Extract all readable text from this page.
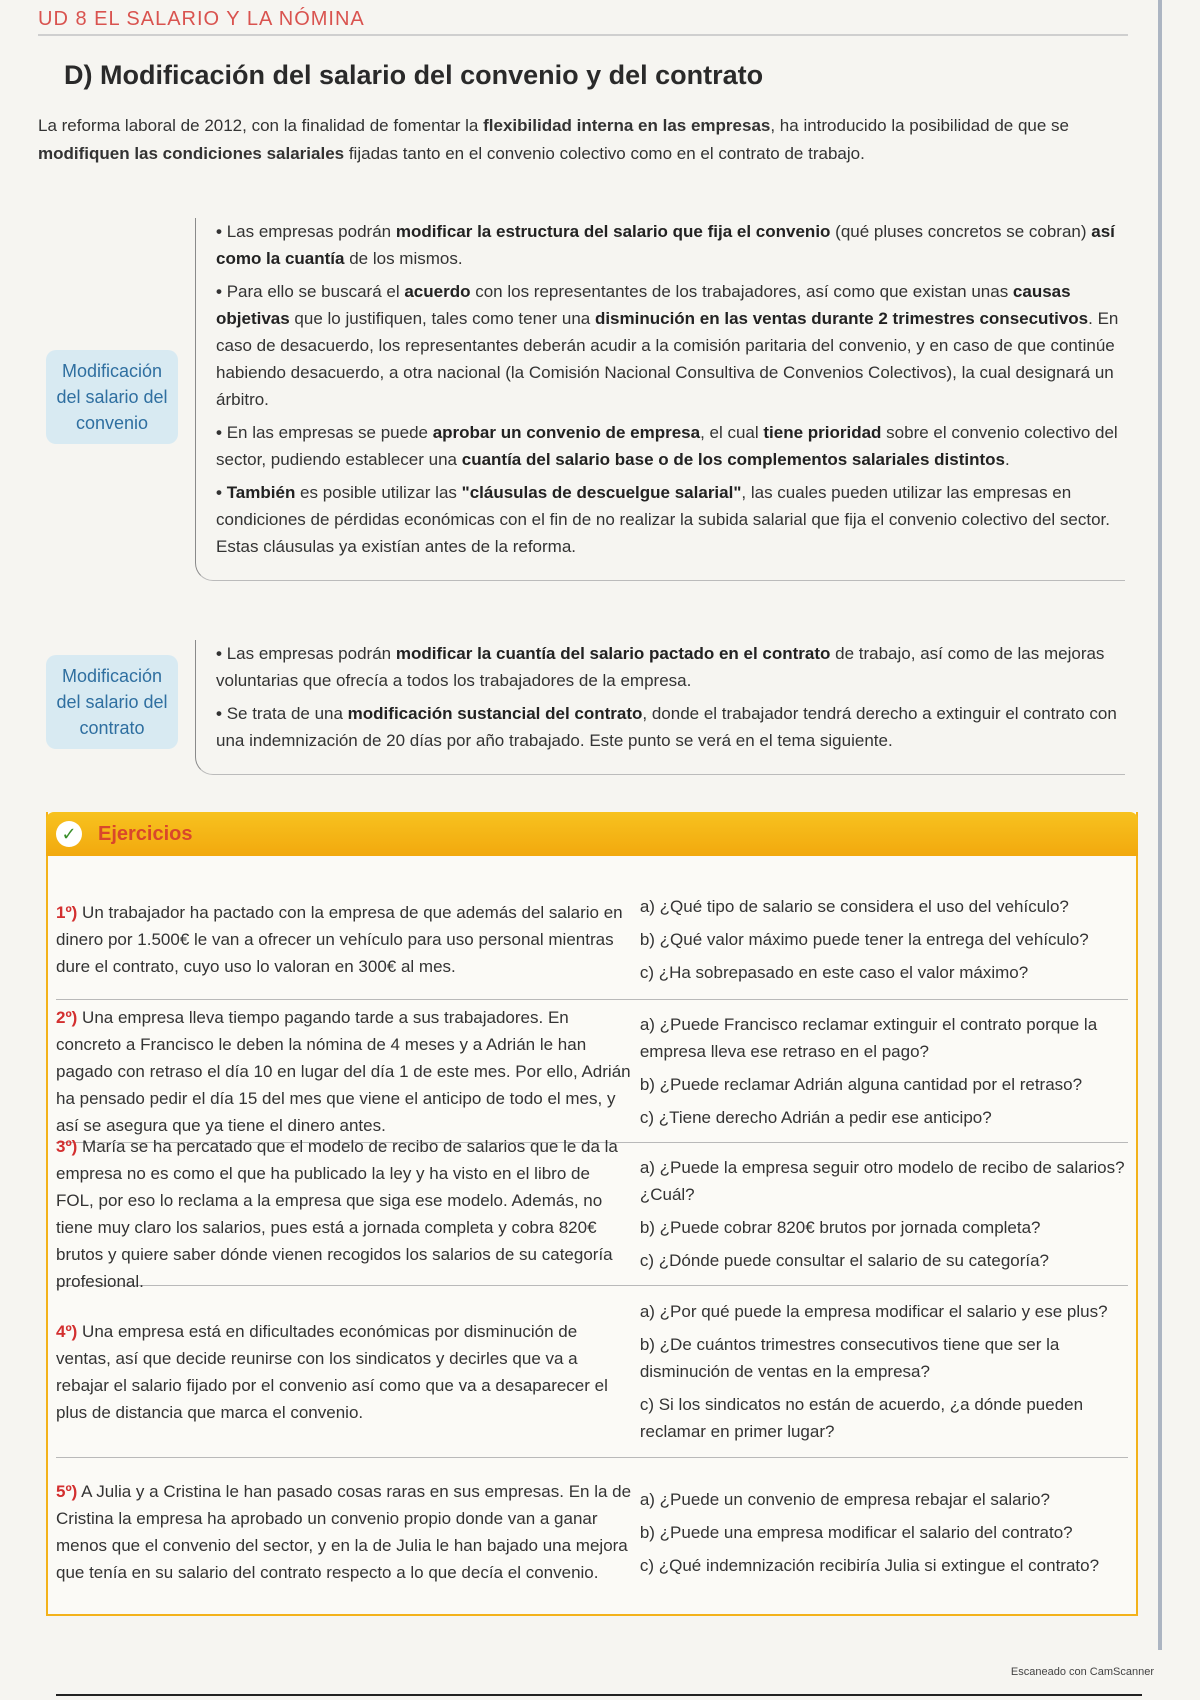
UD 8 EL SALARIO Y LA NÓMINA
D) Modificación del salario del convenio y del contrato
La reforma laboral de 2012, con la finalidad de fomentar la flexibilidad interna en las empresas, ha introducido la posibilidad de que se modifiquen las condiciones salariales fijadas tanto en el convenio colectivo como en el contrato de trabajo.
Modificación del salario del convenio

• Las empresas podrán modificar la estructura del salario que fija el convenio (qué pluses concretos se cobran) así como la cuantía de los mismos.

• Para ello se buscará el acuerdo con los representantes de los trabajadores, así como que existan unas causas objetivas que lo justifiquen, tales como tener una disminución en las ventas durante 2 trimestres consecutivos. En caso de desacuerdo, los representantes deberán acudir a la comisión paritaria del convenio, y en caso de que continúe habiendo desacuerdo, a otra nacional (la Comisión Nacional Consultiva de Convenios Colectivos), la cual designará un árbitro.

• En las empresas se puede aprobar un convenio de empresa, el cual tiene prioridad sobre el convenio colectivo del sector, pudiendo establecer una cuantía del salario base o de los complementos salariales distintos.

• También es posible utilizar las "cláusulas de descuelgue salarial", las cuales pueden utilizar las empresas en condiciones de pérdidas económicas con el fin de no realizar la subida salarial que fija el convenio colectivo del sector. Estas cláusulas ya existían antes de la reforma.

Modificación del salario del contrato

• Las empresas podrán modificar la cuantía del salario pactado en el contrato de trabajo, así como de las mejoras voluntarias que ofrecía a todos los trabajadores de la empresa.

• Se trata de una modificación sustancial del contrato, donde el trabajador tendrá derecho a extinguir el contrato con una indemnización de 20 días por año trabajado. Este punto se verá en el tema siguiente.

✓ Ejercicios
1º) Un trabajador ha pactado con la empresa de que además del salario en dinero por 1.500€ le van a ofrecer un vehículo para uso personal mientras dure el contrato, cuyo uso lo valoran en 300€ al mes.
a) ¿Qué tipo de salario se considera el uso del vehículo?
b) ¿Qué valor máximo puede tener la entrega del vehículo?
c) ¿Ha sobrepasado en este caso el valor máximo?
2º) Una empresa lleva tiempo pagando tarde a sus trabajadores. En concreto a Francisco le deben la nómina de 4 meses y a Adrián le han pagado con retraso el día 10 en lugar del día 1 de este mes. Por ello, Adrián ha pensado pedir el día 15 del mes que viene el anticipo de todo el mes, y así se asegura que ya tiene el dinero antes.
a) ¿Puede Francisco reclamar extinguir el contrato porque la empresa lleva ese retraso en el pago?
b) ¿Puede reclamar Adrián alguna cantidad por el retraso?
c) ¿Tiene derecho Adrián a pedir ese anticipo?
3º) María se ha percatado que el modelo de recibo de salarios que le da la empresa no es como el que ha publicado la ley y ha visto en el libro de FOL, por eso lo reclama a la empresa que siga ese modelo. Además, no tiene muy claro los salarios, pues está a jornada completa y cobra 820€ brutos y quiere saber dónde vienen recogidos los salarios de su categoría profesional.
a) ¿Puede la empresa seguir otro modelo de recibo de salarios? ¿Cuál?
b) ¿Puede cobrar 820€ brutos por jornada completa?
c) ¿Dónde puede consultar el salario de su categoría?
4º) Una empresa está en dificultades económicas por disminución de ventas, así que decide reunirse con los sindicatos y decirles que va a rebajar el salario fijado por el convenio así como que va a desaparecer el plus de distancia que marca el convenio.
a) ¿Por qué puede la empresa modificar el salario y ese plus?
b) ¿De cuántos trimestres consecutivos tiene que ser la disminución de ventas en la empresa?
c) Si los sindicatos no están de acuerdo, ¿a dónde pueden reclamar en primer lugar?
5º) A Julia y a Cristina le han pasado cosas raras en sus empresas. En la de Cristina la empresa ha aprobado un convenio propio donde van a ganar menos que el convenio del sector, y en la de Julia le han bajado una mejora que tenía en su salario del contrato respecto a lo que decía el convenio.
a) ¿Puede un convenio de empresa rebajar el salario?
b) ¿Puede una empresa modificar el salario del contrato?
c) ¿Qué indemnización recibiría Julia si extingue el contrato?
Escaneado con CamScanner
